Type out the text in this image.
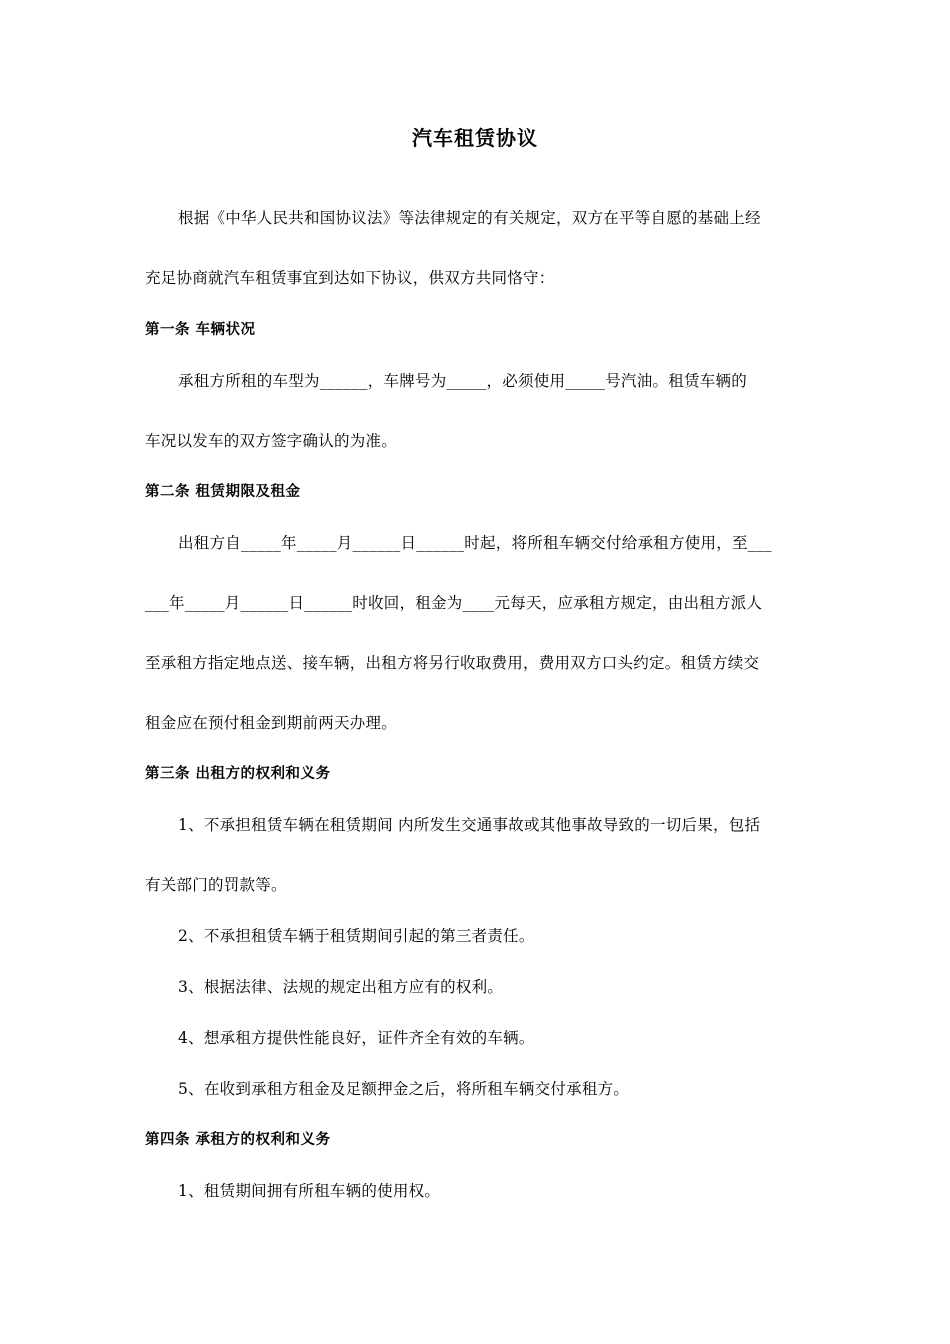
汽车租赁协议
根据《中华人民共和国协议法》等法律规定的有关规定，双方在平等自愿的基础上经
充足协商就汽车租赁事宜到达如下协议，供双方共同恪守：
第一条 车辆状况
承租方所租的车型为______，车牌号为_____，必须使用_____号汽油。租赁车辆的
车况以发车的双方签字确认的为准。
第二条 租赁期限及租金
出租方自_____年_____月______日______时起，将所租车辆交付给承租方使用，至___
___年_____月______日______时收回，租金为____元每天，应承租方规定，由出租方派人
至承租方指定地点送、接车辆，出租方将另行收取费用，费用双方口头约定。租赁方续交
租金应在预付租金到期前两天办理。
第三条 出租方的权利和义务
1、不承担租赁车辆在租赁期间 内所发生交通事故或其他事故导致的一切后果，包括
有关部门的罚款等。
2、不承担租赁车辆于租赁期间引起的第三者责任。
3、根据法律、法规的规定出租方应有的权利。
4、想承租方提供性能良好，证件齐全有效的车辆。
5、在收到承租方租金及足额押金之后，将所租车辆交付承租方。
第四条 承租方的权利和义务
1、租赁期间拥有所租车辆的使用权。
